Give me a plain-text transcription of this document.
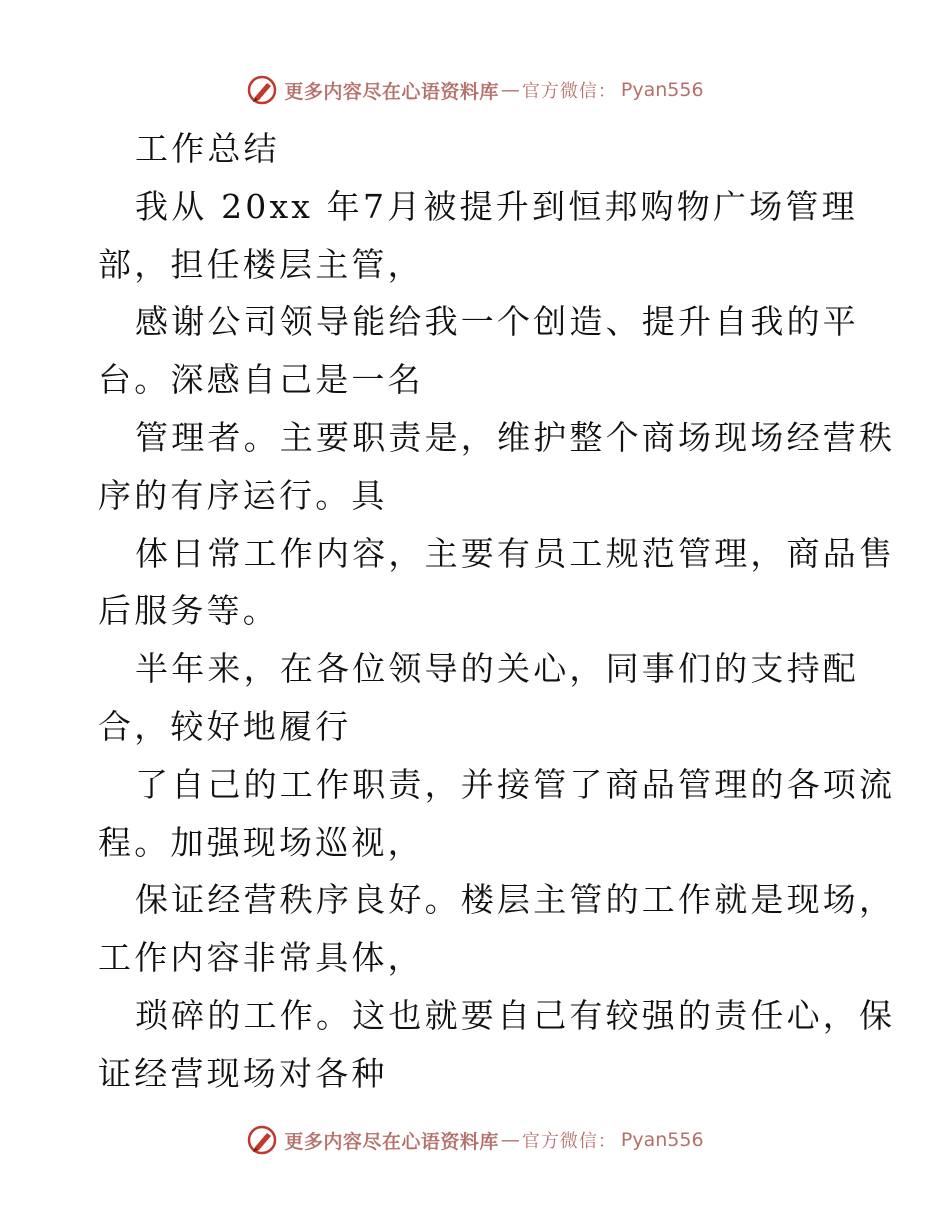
更多内容尽在心语资料库 — 官方微信： Pyan556
工作总结
我从 20xx 年7月被提升到恒邦购物广场管理
部，担任楼层主管，
感谢公司领导能给我一个创造、提升自我的平
台。深感自己是一名
管理者。主要职责是，维护整个商场现场经营秩
序的有序运行。具
体日常工作内容，主要有员工规范管理，商品售
后服务等。
半年来，在各位领导的关心，同事们的支持配
合，较好地履行
了自己的工作职责，并接管了商品管理的各项流
程。加强现场巡视，
保证经营秩序良好。楼层主管的工作就是现场，
工作内容非常具体，
琐碎的工作。这也就要自己有较强的责任心，保
证经营现场对各种
更多内容尽在心语资料库 — 官方微信： Pyan556
